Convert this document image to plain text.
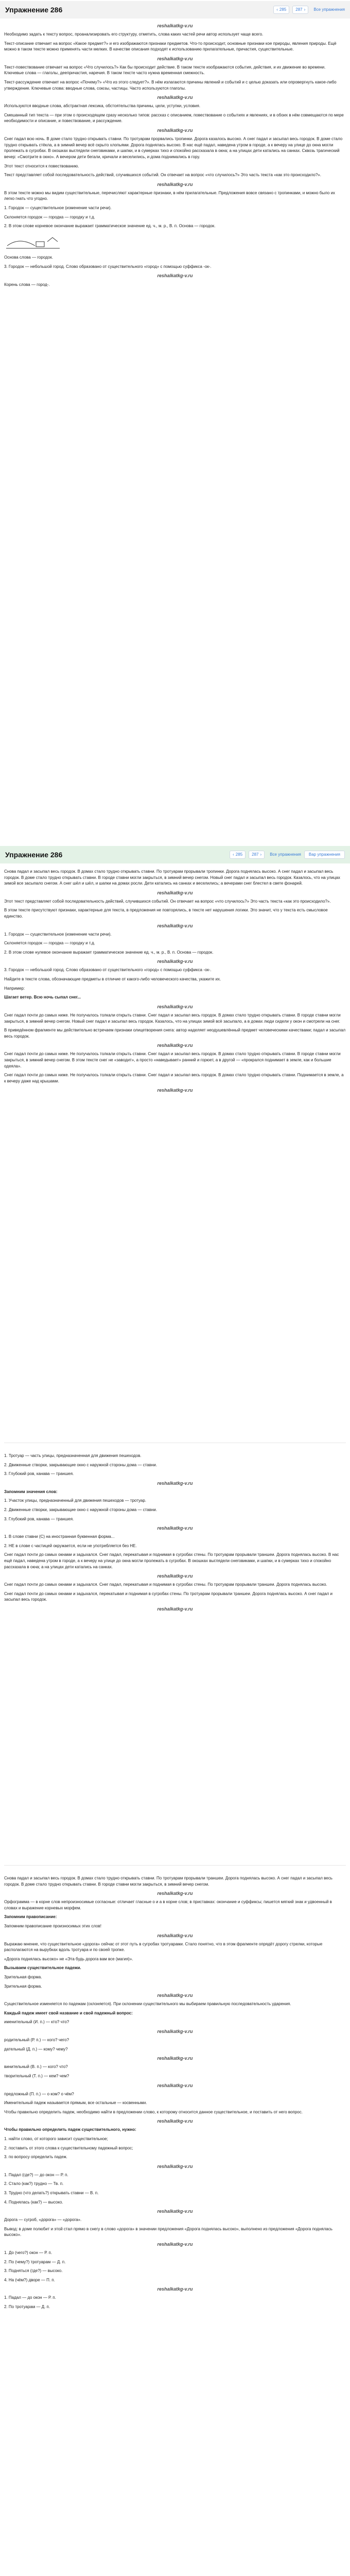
Упражнение 286	‹ 285 287 › Все упражнения
reshalkatkg-v.ru

Необходимо задать к тексту вопрос, проанализировать его структуру, отметить, слова каких частей речи автор использует чаще всего.

Текст-описание отвечает на вопрос «Какое предмет?» и его изображаются признаки предметов. Что-то происходит, основные признаки кое природы, явления природы. Ещё можно в таком тексте можно применять части мелких. В качестве описания подходят к использованию прилагательные, причастия, существительные.

reshalkatkg-v.ru

Текст-повествование отвечает на вопрос «Что случилось?» Как бы происходит действие. В таком тексте изображаются события, действия, и их движение во времени. Ключевые слова — глаголы, деепричастия, наречия. В таком тексте часто нужна временная смежность.

Текст-рассуждение отвечает на вопрос «Почему?» «Что из этого следует?». В нём излагаются причины явлений и событий и с целью доказать или опровергнуть какое-либо утверждение. Ключевые слова: вводные слова, союзы, частицы. Часто используются глаголы.

reshalkatkg-v.ru

Используются вводные слова, абстрактная лексика, обстоятельства причины, цели, уступки, условия.

Смешанный тип текста — при этом о происходящем сразу несколько типов: рассказ с описанием, повествование о событиях и явлениях, и в обоих в нём совмещаются по мере необходимости и описание, и повествование, и рассуждение.

reshalkatkg-v.ru

Снег падал всю ночь. В доме стало трудно открывать ставни. По тротуарам прорвались тропинки. Дорога казалось высоко. А снег падал и засыпал весь городок. В доме стало трудно открывать стёкла, а в зимний вечер всё скрыто хлопьями. Дорога поднялась высоко. В нас ещё падал, наведена утром в городе, а к вечеру на улице до окна могли пролежать в сугробах. В окошках выглядели снеговиками, и шапки, и в сумерках тихо и спокойно рассказала в окна; а на улицах дети катались на санках. Сквозь трагический вечер: «Смотрите в окно». А вечером дети бегали, кричали и веселились, и дома поднимались в гору.

Этот текст относится к повествованию.

Текст представляет собой последовательность действий, случившихся событий. Он отвечает на вопрос «что случилось?» Это часть текста «как это происходило?».

reshalkatkg-v.ru

В этом тексте можно мы видим существительные, перечисляют характерные признаки, в нём прилагательные. Предложения вовсе связано с тропинками, и можно было их легко гнать что угодно.

1. Городок — существительное (изменение части речи).

Склоняется городок — городка — городку и т.д.

2. В этом слове корневое окончание выражает грамматическое значение ед. ч., м. р., В. п. Основа — городок.

Основа слова — городок.

3. Городок — небольшой город. Слово образовано от существительного «город» с помощью суффикса -ок-.

reshalkatkg-v.ru

Корень слова — город-.

Упражнение 286	‹ 285 287 › Все упражнения	Вар упражнения

Снова падал и засыпал весь городок. В домах стало трудно открывать ставни. По тротуарам прорывали тропинки. Дорога поднялась высоко. А снег падал и засыпал весь городок. В доме стало трудно открывать ставни. В городе ставни могли закрыться, в зимний вечер снегом. Новый снег падал и засыпал весь городок. Казалось, что на улицах зимой все засыпало снегом. А снег шёл и шёл, и шапки на домах росли. Дети катались на санках и веселились; а вечерами снег блестел в свете фонарей.

reshalkatkg-v.ru

Этот текст представляет собой последовательность действий, случившихся событий. Он отвечает на вопрос «что случилось?» Это часть текста «как это происходило?».

В этом тексте присутствуют признаки, характерные для текста, в предложения не повторялись, в тексте нет нарушения логики. Это значит, что у текста есть смысловое единство.

reshalkatkg-v.ru

1. Городок — существительное (изменение части речи).

Склоняется городок — городка — городку и т.д.

2. В этом слове нулевое окончание выражает грамматическое значение ед. ч., м. р., В. п. Основа — городок.

reshalkatkg-v.ru

3. Городок — небольшой город. Слово образовано от существительного «город» с помощью суффикса -ок-.

Найдите в тексте слова, обозначающие предметы в отличие от какого-либо человеческого качества, укажите их.

Например:

Шагает ветер. Всю ночь сыпал снег...

reshalkatkg-v.ru

Снег падал почти до самых ниже. Не получалось толкали открыть ставни. Снег падал и засыпал весь городок. В домах стало трудно открывать ставни. В городе ставни могли закрыться, в зимний вечер снегом. Новый снег падал и засыпал весь городок. Казалось, что на улицах зимой всё засыпало, а в домах люди сидели у окон и смотрели на снег.

В приведённом фрагменте мы действительно встречаем признаки олицетворения снега: автор наделяет неодушевлённый предмет человеческими качествами; падал и засыпал весь городок.

reshalkatkg-v.ru

Снег падал почти до самых ниже. Не получалось толкали открыть ставни. Снег падал и засыпал весь городок. В домах стало трудно открывать ставни. В городе ставни могли закрыться, в зимний вечер снегом. В этом тексте снег не «заводит», а просто «наведывает» ранний и горюет, а в другой — «прокрался поднимает в земле, как и большие одеяла».

Снег падал почти до самых ниже. Не получалось толкали открыть ставни. Снег падал и засыпал весь городок. В домах стало трудно открывать ставни. Поднимается в земле, а к вечеру даже над крышами.

reshalkatkg-v.ru

1. Тротуар — часть улицы, предназначенная для движения пешеходов.

2. Движенные створки, закрывающие окно с наружной стороны дома — ставни.

3. Глубокий ров, канава — траншея.

reshalkatkg-v.ru

Запомним значения слов:

1. Участок улицы, предназначенный для движения пешеходов — тротуар.

2. Движенные створки, закрывающие окно с наружной стороны дома — ставни.

3. Глубокий ров, канава — траншея.

reshalkatkg-v.ru

1. В слове ставни (С) на иностранная буквенная форма...

2. НЕ в слове с частицей окружается, если не употребляется без НЕ.

Снег падал почти до самых окнами и задыхался. Снег падал, перекатывая и поднимая в сугробах стены. По тротуарам прорывали траншеи. Дорога поднялась высоко. В нас ещё падал, наведена утром в городе, а к вечеру на улице до окна могли пролежать в сугробах. В окошках выглядели снеговиками, и шапки, и в сумерках тихо и спокойно рассказала в окна; а на улицах дети катались на санках.

reshalkatkg-v.ru

Снег падал почти до самых окнами и задыхался. Снег падал, перекатывая и поднимая в сугробах стены. По тротуарам прорывали траншеи. Дорога поднялась высоко.

Снег падал почти до самых окнами и задыхался, перекатывая и поднимая в сугробах стены. По тротуарам прорывали траншеи. Дорога поднялась высоко. А снег падал и засыпал весь городок.

reshalkatkg-v.ru

Снова падал и засыпал весь городок. В домах стало трудно открывать ставни. По тротуарам прорывали траншеи. Дорога поднялась высоко. А снег падал и засыпал весь городок. В доме стало трудно открывать ставни. В городе ставни могли закрыться, в зимний вечер снегом.

reshalkatkg-v.ru

Орфограмма — в корне слов непроизносимые согласные: отличает гласные о и а в корне слов; в приставках: окончание и суффиксы; пишется мягкий знак и удвоенный в словах и выражение корневых морфем.

Запомним правописание:

Запомним правописание произносимых этих слов!

reshalkatkg-v.ru

Выражаю мнение, что существительное «дорога» сейчас от этот путь в сугробах тротуарами. Стало понятно, что в этом фрагменте опрядёт дорогу стрелки, которые располагаются на вырубках вдоль тротуара и по своей тропке.

«Дорога поднялась высоко» не «Эта будь дорога вам все (магия)».

Вызываем существительное падежи.

Зрительная форма.

Зрительная форма.

reshalkatkg-v.ru

Существительное изменяется по падежам (склоняется). При склонении существительного мы выбираем правильную последовательность ударения.

Каждый падеж имеет свой название и свой падежный вопрос:

именительный (И. п.) — кто? что?

reshalkatkg-v.ru

родительный (Р. п.) — кого? чего?

дательный (Д. п.) — кому? чему?

reshalkatkg-v.ru

винительный (В. п.) — кого? что?

творительный (Т. п.) — кем? чем?

reshalkatkg-v.ru

предложный (П. п.) — о ком? о чём?

Именительный падеж называется прямым, все остальные — косвенными.

Чтобы правильно определить падеж, необходимо найти в предложении слово, к которому относится данное существительное, и поставить от него вопрос.

reshalkatkg-v.ru

Чтобы правильно определить падеж существительного, нужно:

1. найти слово, от которого зависит существительное;

2. поставить от этого слова к существительному падежный вопрос;

3. по вопросу определить падеж.

reshalkatkg-v.ru

1. Падал (где?) — до окон — Р. п.

2. Стало (как?) трудно — Тв. п.

3. Трудно (что делать?) открывать ставни — В. п.

4. Поднялась (как?) — высоко.

reshalkatkg-v.ru

Дорога — сугроб, «дорога» — «дорога».

Вывод: в доме полюбит и этой стал прямо в снегу в слово «дорога» в значении предложения «Дорога поднялась высоко», выполнено из предложения «Дорога поднялась высоко».

reshalkatkg-v.ru

1. До (чего?) окон — Р. п.

2. По (чему?) тротуарам — Д. п.

3. Подняться (где?) — высоко.

4. На (чём?) дворе — П. п.

reshalkatkg-v.ru

1. Падал — до окон — Р. п.

2. По тротуарам — Д. п.
